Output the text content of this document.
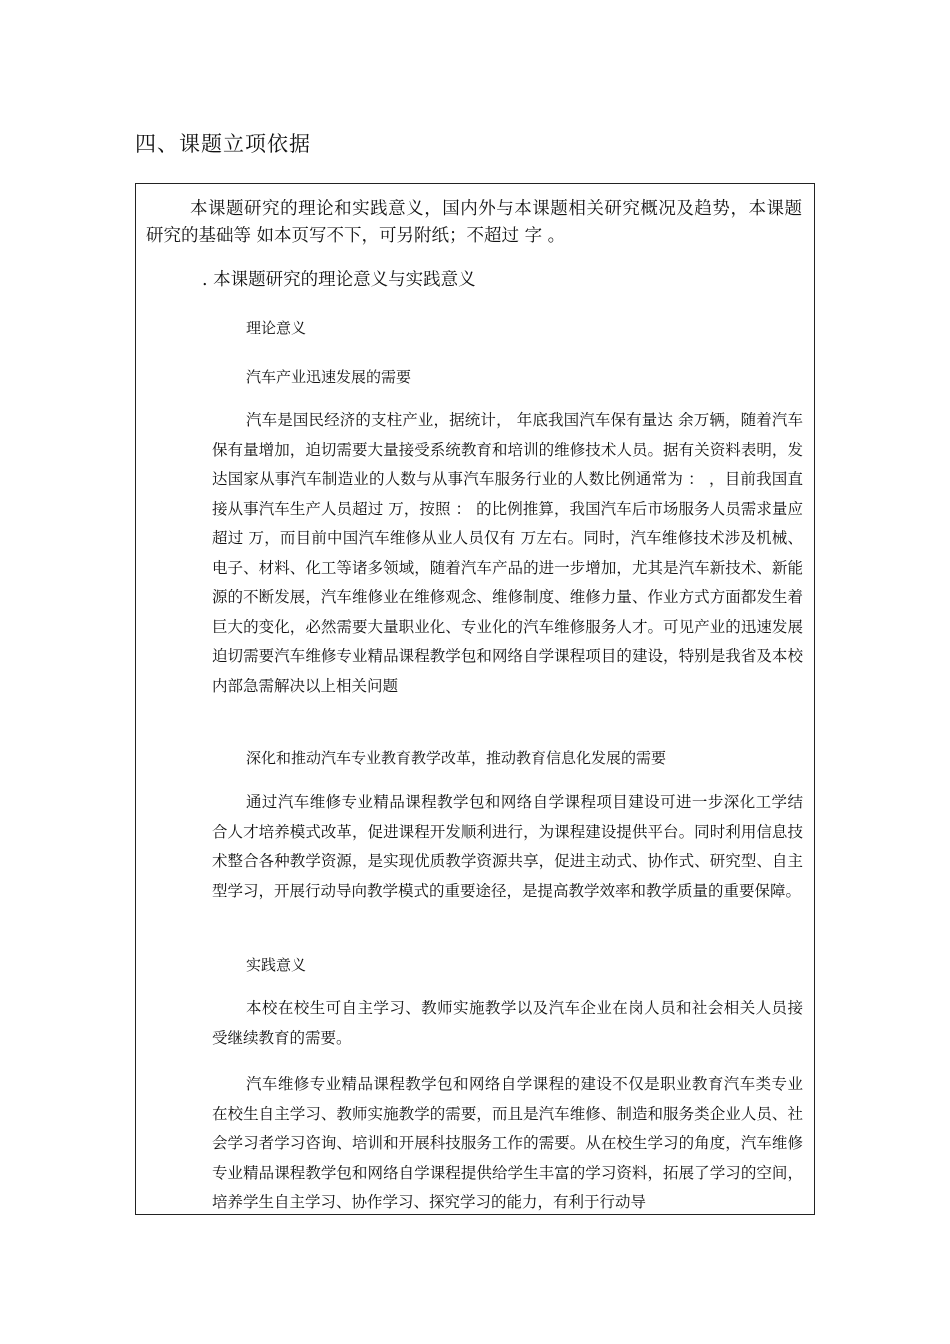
四、课题立项依据
本课题研究的理论和实践意义，国内外与本课题相关研究概况及趋势，本课题研究的基础等 如本页写不下，可另附纸；不超过 字 。
. 本课题研究的理论意义与实践意义
理论意义
汽车产业迅速发展的需要
汽车是国民经济的支柱产业，据统计， 年底我国汽车保有量达 余万辆，随着汽车保有量增加，迫切需要大量接受系统教育和培训的维修技术人员。据有关资料表明，发达国家从事汽车制造业的人数与从事汽车服务行业的人数比例通常为 ： ，目前我国直接从事汽车生产人员超过 万，按照 ： 的比例推算，我国汽车后市场服务人员需求量应超过 万，而目前中国汽车维修从业人员仅有 万左右。同时，汽车维修技术涉及机械、电子、材料、化工等诸多领域，随着汽车产品的进一步增加，尤其是汽车新技术、新能源的不断发展，汽车维修业在维修观念、维修制度、维修力量、作业方式方面都发生着巨大的变化，必然需要大量职业化、专业化的汽车维修服务人才。可见产业的迅速发展迫切需要汽车维修专业精品课程教学包和网络自学课程项目的建设，特别是我省及本校内部急需解决以上相关问题
深化和推动汽车专业教育教学改革，推动教育信息化发展的需要
通过汽车维修专业精品课程教学包和网络自学课程项目建设可进一步深化工学结合人才培养模式改革，促进课程开发顺利进行，为课程建设提供平台。同时利用信息技术整合各种教学资源，是实现优质教学资源共享，促进主动式、协作式、研究型、自主型学习，开展行动导向教学模式的重要途径，是提高教学效率和教学质量的重要保障。
实践意义
本校在校生可自主学习、教师实施教学以及汽车企业在岗人员和社会相关人员接受继续教育的需要。
汽车维修专业精品课程教学包和网络自学课程的建设不仅是职业教育汽车类专业在校生自主学习、教师实施教学的需要，而且是汽车维修、制造和服务类企业人员、社会学习者学习咨询、培训和开展科技服务工作的需要。从在校生学习的角度，汽车维修专业精品课程教学包和网络自学课程提供给学生丰富的学习资料，拓展了学习的空间，培养学生自主学习、协作学习、探究学习的能力，有利于行动导
